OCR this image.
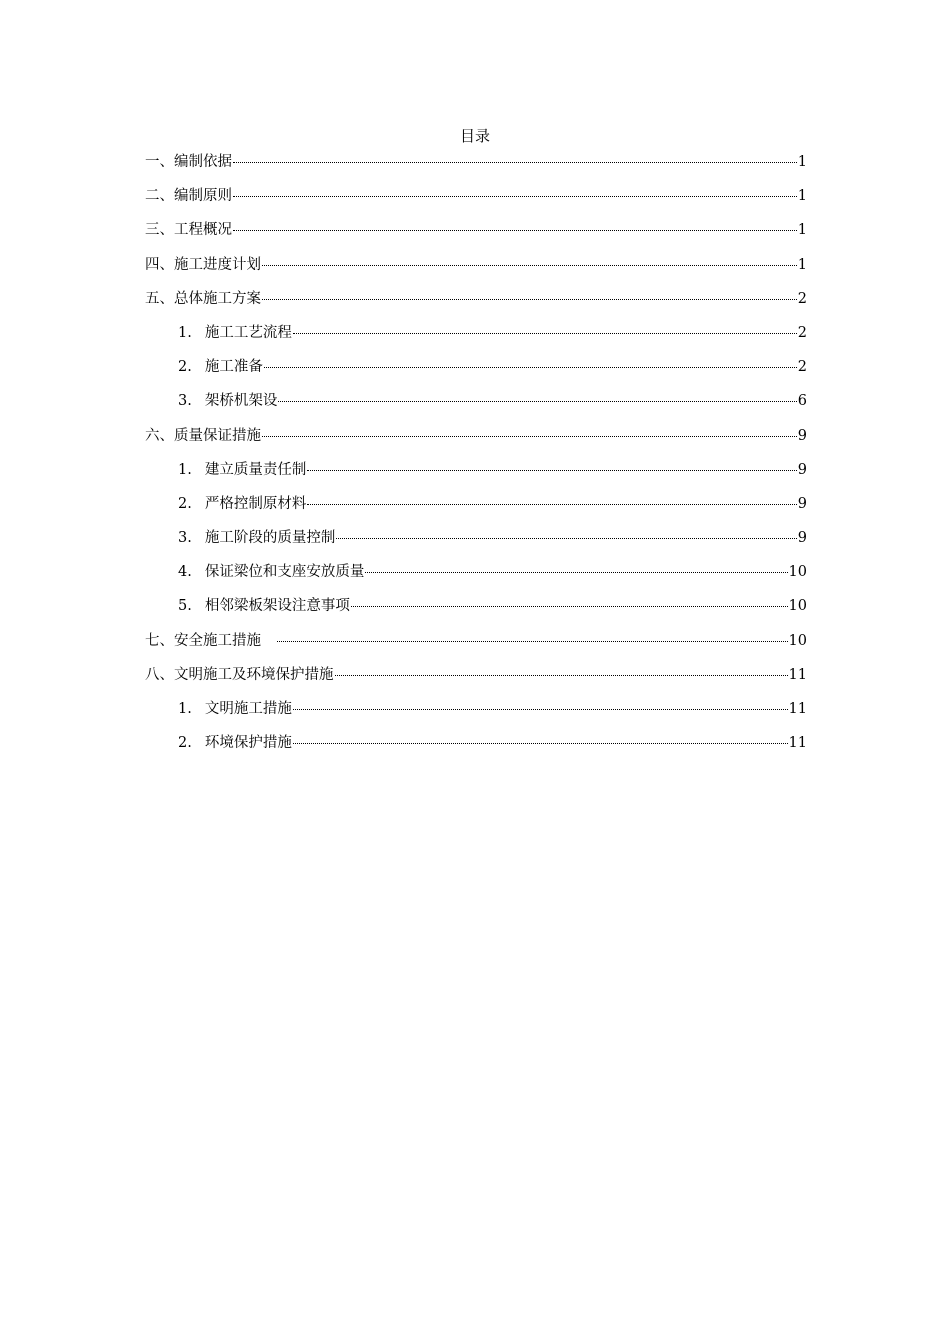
目录
一、编制依据	1
二、编制原则	1
三、工程概况	1
四、施工进度计划	1
五、总体施工方案	2
1. 施工工艺流程	2
2. 施工准备	2
3. 架桥机架设	6
六、质量保证措施	9
1. 建立质量责任制	9
2. 严格控制原材料	9
3. 施工阶段的质量控制	9
4. 保证梁位和支座安放质量	10
5. 相邻梁板架设注意事项	10
七、安全施工措施	10
八、文明施工及环境保护措施	11
1. 文明施工措施	11
2. 环境保护措施	11
